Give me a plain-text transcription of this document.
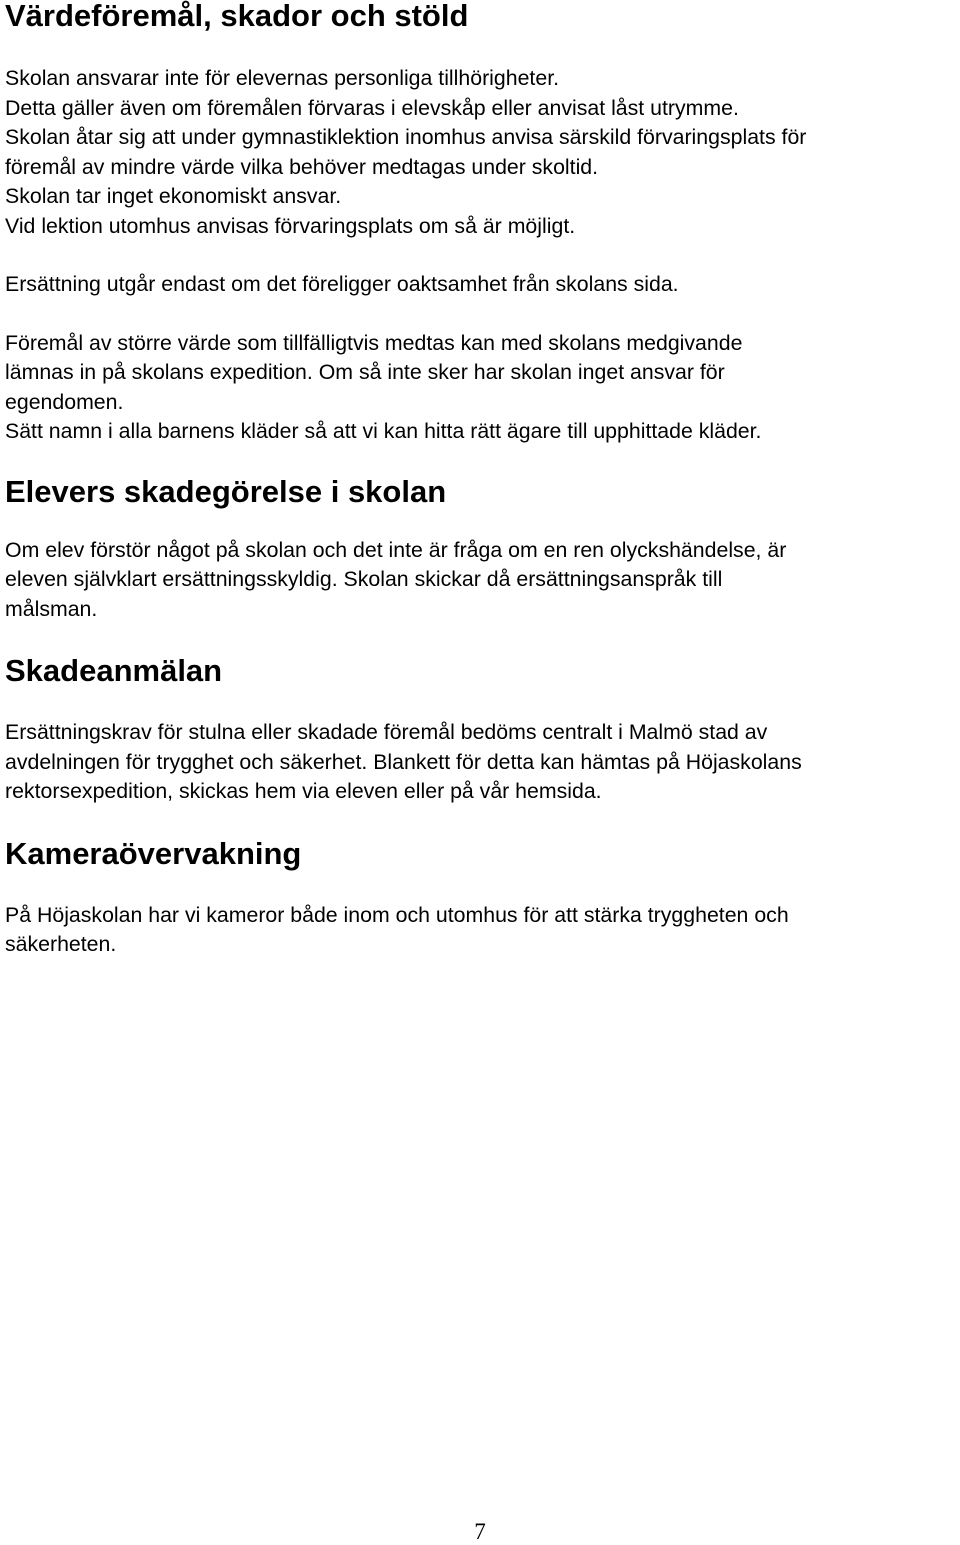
Värdeföremål, skador och stöld

Skolan ansvarar inte för elevernas personliga tillhörigheter.
Detta gäller även om föremålen förvaras i elevskåp eller anvisat låst utrymme.
Skolan åtar sig att under gymnastiklektion inomhus anvisa särskild förvaringsplats för
föremål av mindre värde vilka behöver medtagas under skoltid.
Skolan tar inget ekonomiskt ansvar.
Vid lektion utomhus anvisas förvaringsplats om så är möjligt.

Ersättning utgår endast om det föreligger oaktsamhet från skolans sida.

Föremål av större värde som tillfälligtvis medtas kan med skolans medgivande
lämnas in på skolans expedition. Om så inte sker har skolan inget ansvar för
egendomen.
Sätt namn i alla barnens kläder så att vi kan hitta rätt ägare till upphittade kläder.

Elevers skadegörelse i skolan

Om elev förstör något på skolan och det inte är fråga om en ren olyckshändelse, är
eleven självklart ersättningsskyldig. Skolan skickar då ersättningsanspråk till
målsman.

Skadeanmälan

Ersättningskrav för stulna eller skadade föremål bedöms centralt i Malmö stad av
avdelningen för trygghet och säkerhet. Blankett för detta kan hämtas på Höjaskolans
rektorsexpedition, skickas hem via eleven eller på vår hemsida.

Kameraövervakning

På Höjaskolan har vi kameror både inom och utomhus för att stärka tryggheten och
säkerheten.

7
